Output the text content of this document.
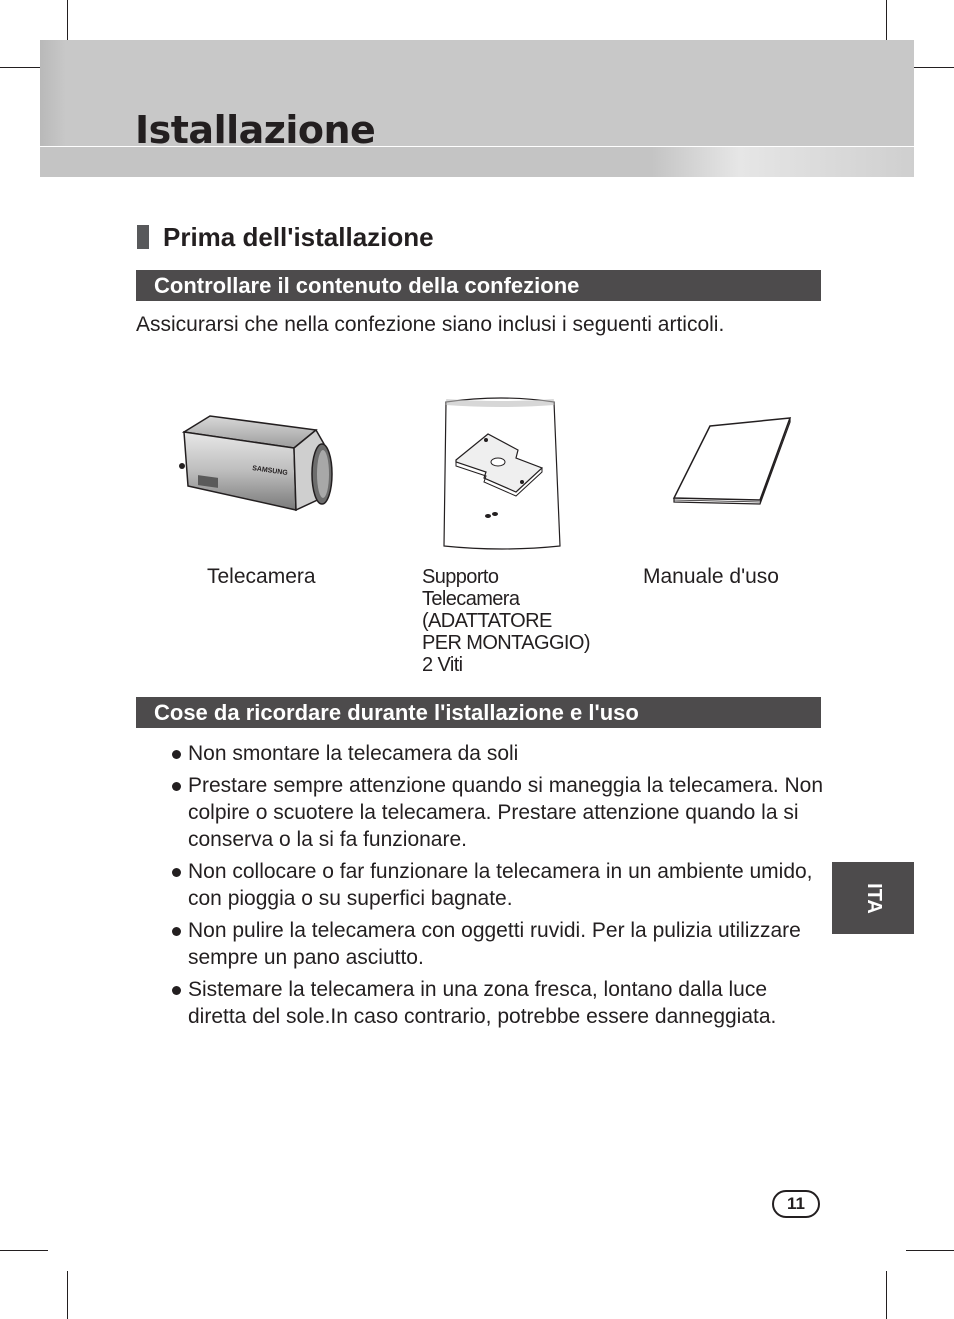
Istallazione
Prima dell'istallazione
Controllare il contenuto della confezione

Assicurarsi che nella confezione siano inclusi i seguenti articoli.

SAMSUNG
Telecamera	Supporto
Telecamera
(ADATTATORE
PER MONTAGGIO)
2 Viti
Manuale d'uso
Cose da ricordare durante l'istallazione e l'uso
Non smontare la telecamera da soli
Prestare sempre attenzione quando si maneggia la telecamera. Non colpire o scuotere la telecamera. Prestare attenzione quando la si conserva o la si fa funzionare.
Non collocare o far funzionare la telecamera in un ambiente umido, con pioggia o su superfici bagnate.
Non pulire la telecamera con oggetti ruvidi. Per la pulizia utilizzare sempre un pano asciutto.
Sistemare la telecamera in una zona fresca, lontano dalla luce diretta del sole.In caso contrario, potrebbe essere danneggiata.
ITA
11
